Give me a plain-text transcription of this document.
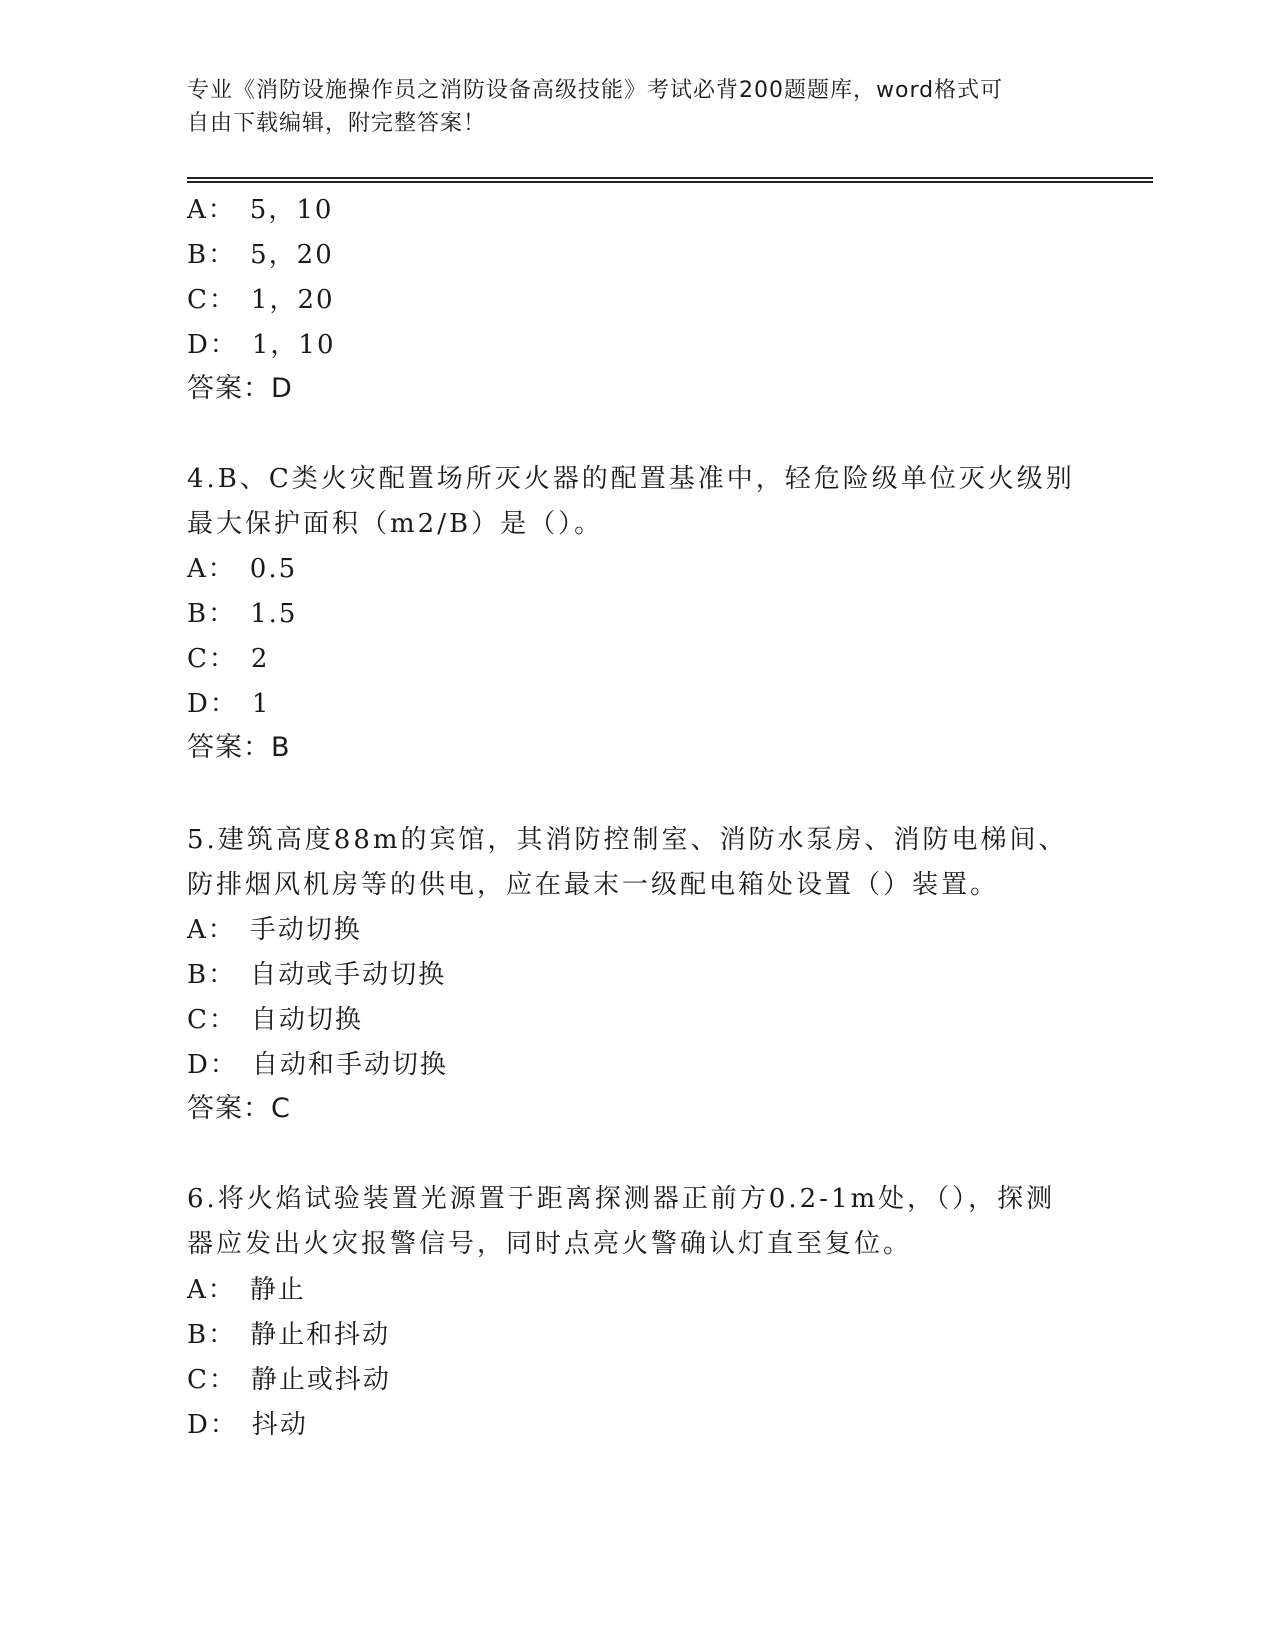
专业《消防设施操作员之消防设备高级技能》考试必背200题题库，word格式可
自由下载编辑，附完整答案！
A： 5，10
B： 5，20
C： 1，20
D： 1，10
答案：D
4.B、C类火灾配置场所灭火器的配置基准中，轻危险级单位灭火级别
最大保护面积（m2/B）是（）。
A： 0.5
B： 1.5
C： 2
D： 1
答案：B
5.建筑高度88m的宾馆，其消防控制室、消防水泵房、消防电梯间、
防排烟风机房等的供电，应在最末一级配电箱处设置（）装置。
A： 手动切换
B： 自动或手动切换
C： 自动切换
D： 自动和手动切换
答案：C
6.将火焰试验装置光源置于距离探测器正前方0.2-1m处，（），探测
器应发出火灾报警信号，同时点亮火警确认灯直至复位。
A： 静止
B： 静止和抖动
C： 静止或抖动
D： 抖动
